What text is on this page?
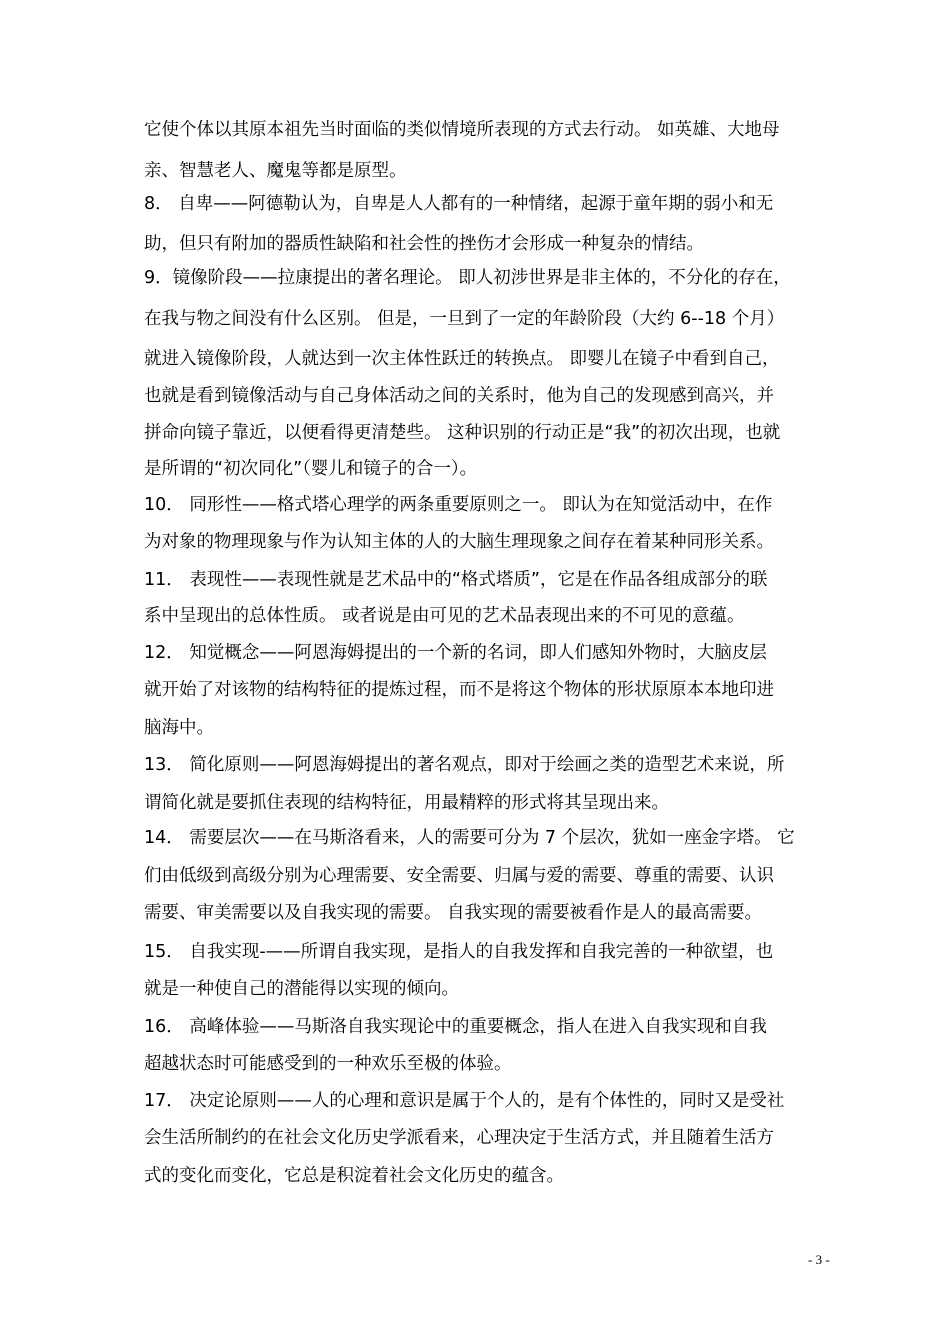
它使个体以其原本祖先当时面临的类似情境所表现的方式去行动。 如英雄、大地母
亲、智慧老人、魔鬼等都是原型。
8． 自卑——阿德勒认为，自卑是人人都有的一种情绪，起源于童年期的弱小和无
助，但只有附加的器质性缺陷和社会性的挫伤才会形成一种复杂的情结。
9．镜像阶段——拉康提出的著名理论。 即人初涉世界是非主体的，不分化的存在，
在我与物之间没有什么区别。 但是，一旦到了一定的年龄阶段（大约 6--18 个月）
就进入镜像阶段，人就达到一次主体性跃迁的转换点。 即婴儿在镜子中看到自己，
也就是看到镜像活动与自己身体活动之间的关系时，他为自己的发现感到高兴，并
拼命向镜子靠近，以便看得更清楚些。 这种识别的行动正是“我”的初次出现，也就
是所谓的“初次同化”（婴儿和镜子的合一）。
10． 同形性——格式塔心理学的两条重要原则之一。 即认为在知觉活动中，在作
为对象的物理现象与作为认知主体的人的大脑生理现象之间存在着某种同形关系。
11． 表现性——表现性就是艺术品中的“格式塔质”，它是在作品各组成部分的联
系中呈现出的总体性质。 或者说是由可见的艺术品表现出来的不可见的意蕴。
12． 知觉概念——阿恩海姆提出的一个新的名词，即人们感知外物时，大脑皮层
就开始了对该物的结构特征的提炼过程，而不是将这个物体的形状原原本本地印进
脑海中。
13． 简化原则——阿恩海姆提出的著名观点，即对于绘画之类的造型艺术来说，所
谓简化就是要抓住表现的结构特征，用最精粹的形式将其呈现出来。
14． 需要层次——在马斯洛看来，人的需要可分为 7 个层次，犹如一座金字塔。 它
们由低级到高级分别为心理需要、安全需要、归属与爱的需要、尊重的需要、认识
需要、审美需要以及自我实现的需要。 自我实现的需要被看作是人的最高需要。
15． 自我实现-——所谓自我实现，是指人的自我发挥和自我完善的一种欲望，也
就是一种使自己的潜能得以实现的倾向。
16． 高峰体验——马斯洛自我实现论中的重要概念，指人在进入自我实现和自我
超越状态时可能感受到的一种欢乐至极的体验。
17． 决定论原则——人的心理和意识是属于个人的，是有个体性的，同时又是受社
会生活所制约的在社会文化历史学派看来，心理决定于生活方式，并且随着生活方
式的变化而变化，它总是积淀着社会文化历史的蕴含。
- 3 -
